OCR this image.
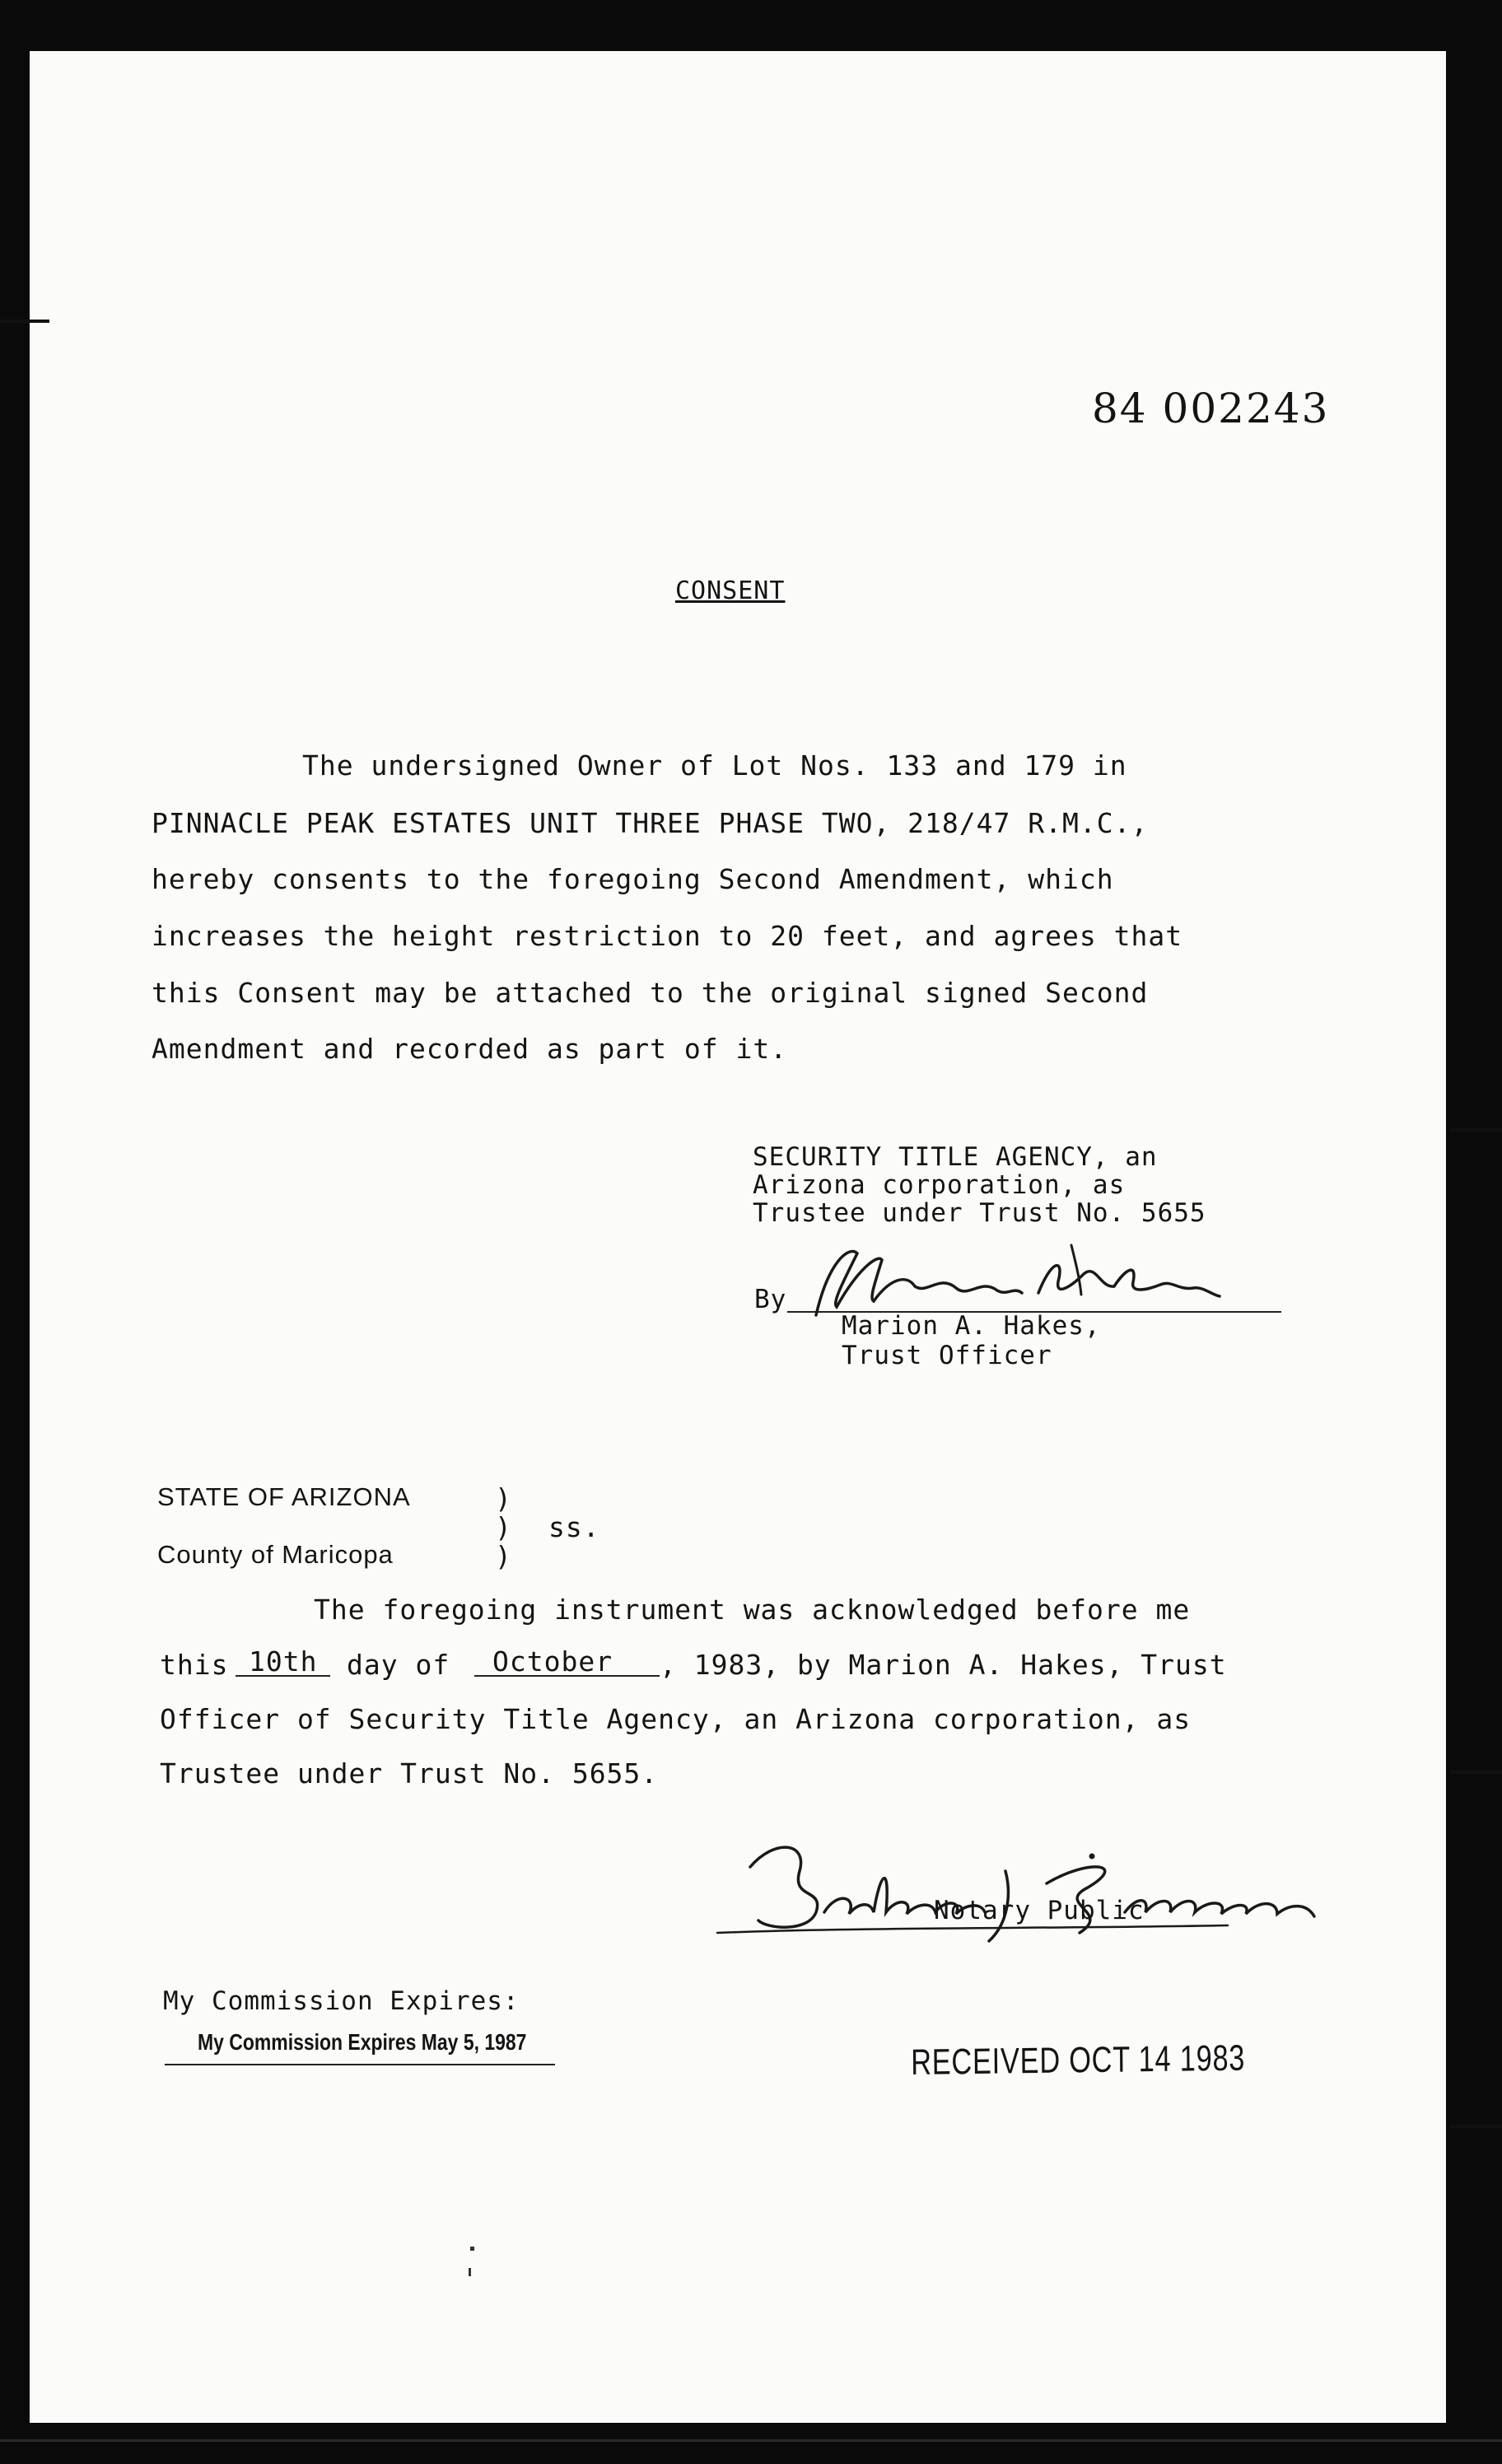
84 002243
CONSENT
The undersigned Owner of Lot Nos. 133 and 179 in
PINNACLE PEAK ESTATES UNIT THREE PHASE TWO, 218/47 R.M.C.,
hereby consents to the foregoing Second Amendment, which
increases the height restriction to 20 feet, and agrees that
this Consent may be attached to the original signed Second
Amendment and recorded as part of it.
SECURITY TITLE AGENCY, an
Arizona corporation, as
Trustee under Trust No. 5655
By
Marion A. Hakes,
Trust Officer
STATE OF ARIZONA	)
) ss.
County of Maricopa	)
The foregoing instrument was acknowledged before me
this 10th day of October , 1983, by Marion A. Hakes, Trust
Officer of Security Title Agency, an Arizona corporation, as
Trustee under Trust No. 5655.
Notary Public
My Commission Expires:
My Commission Expires May 5, 1987	RECEIVED OCT 14 1983
